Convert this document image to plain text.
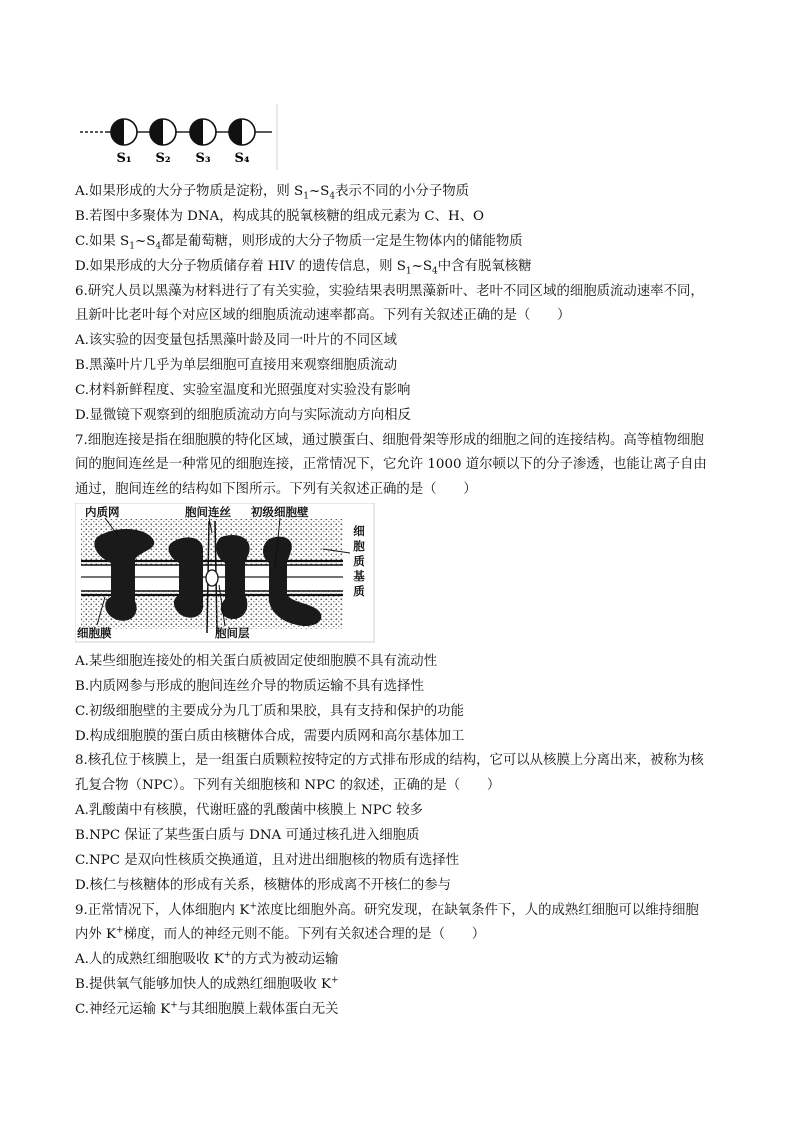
S₁ S₂ S₃ S₄
A.如果形成的大分子物质是淀粉，则 $S_1\sim S_4$表示不同的小分子物质
B.若图中多聚体为 DNA，构成其的脱氧核糖的组成元素为 C、H、O
C.如果 $S_1\sim S_4$都是葡萄糖，则形成的大分子物质一定是生物体内的储能物质
D.如果形成的大分子物质储存着 HIV 的遗传信息，则 $S_1\sim S_4$中含有脱氧核糖
6.研究人员以黑藻为材料进行了有关实验，实验结果表明黑藻新叶、老叶不同区域的细胞质流动速率不同，
且新叶比老叶每个对应区域的细胞质流动速率都高。下列有关叙述正确的是（　　）
A.该实验的因变量包括黑藻叶龄及同一叶片的不同区域
B.黑藻叶片几乎为单层细胞可直接用来观察细胞质流动
C.材料新鲜程度、实验室温度和光照强度对实验没有影响
D.显微镜下观察到的细胞质流动方向与实际流动方向相反
7.细胞连接是指在细胞膜的特化区域，通过膜蛋白、细胞骨架等形成的细胞之间的连接结构。高等植物细胞
间的胞间连丝是一种常见的细胞连接，正常情况下，它允许 1000 道尔顿以下的分子渗透，也能让离子自由
通过，胞间连丝的结构如下图所示。下列有关叙述正确的是（　　）
内质网	胞间连丝 初级细胞壁
细胞膜	胞间层
细
胞
质
基
质
A.某些细胞连接处的相关蛋白质被固定使细胞膜不具有流动性
B.内质网参与形成的胞间连丝介导的物质运输不具有选择性
C.初级细胞壁的主要成分为几丁质和果胶，具有支持和保护的功能
D.构成细胞膜的蛋白质由核糖体合成，需要内质网和高尔基体加工
8.核孔位于核膜上，是一组蛋白质颗粒按特定的方式排布形成的结构，它可以从核膜上分离出来，被称为核
孔复合物（NPC）。下列有关细胞核和 NPC 的叙述，正确的是（　　）
A.乳酸菌中有核膜，代谢旺盛的乳酸菌中核膜上 NPC 较多
B.NPC 保证了某些蛋白质与 DNA 可通过核孔进入细胞质
C.NPC 是双向性核质交换通道，且对进出细胞核的物质有选择性
D.核仁与核糖体的形成有关系，核糖体的形成离不开核仁的参与
9.正常情况下，人体细胞内 K+浓度比细胞外高。研究发现，在缺氧条件下，人的成熟红细胞可以维持细胞
内外 K+梯度，而人的神经元则不能。下列有关叙述合理的是（　　）
A.人的成熟红细胞吸收 K+的方式为被动运输
B.提供氧气能够加快人的成熟红细胞吸收 K+
C.神经元运输 K+与其细胞膜上载体蛋白无关
